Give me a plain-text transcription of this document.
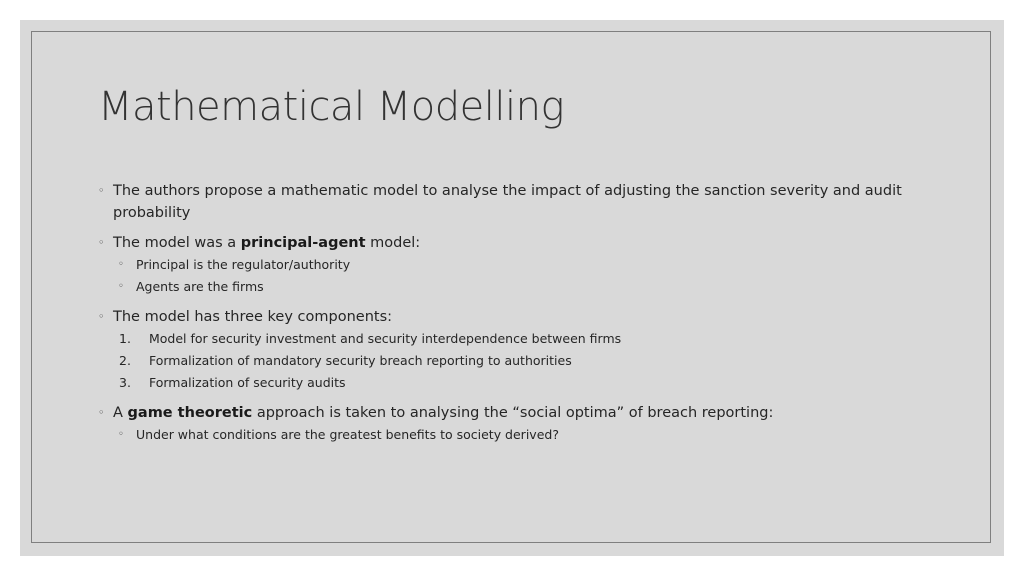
Mathematical Modelling
◦ The authors propose a mathematic model to analyse the impact of adjusting the sanction severity and audit probability
◦ The model was a principal-agent model:
◦ Principal is the regulator/authority
◦ Agents are the firms
◦ The model has three key components:
1. Model for security investment and security interdependence between firms
2. Formalization of mandatory security breach reporting to authorities
3. Formalization of security audits
◦ A game theoretic approach is taken to analysing the “social optima” of breach reporting:
◦ Under what conditions are the greatest benefits to society derived?
